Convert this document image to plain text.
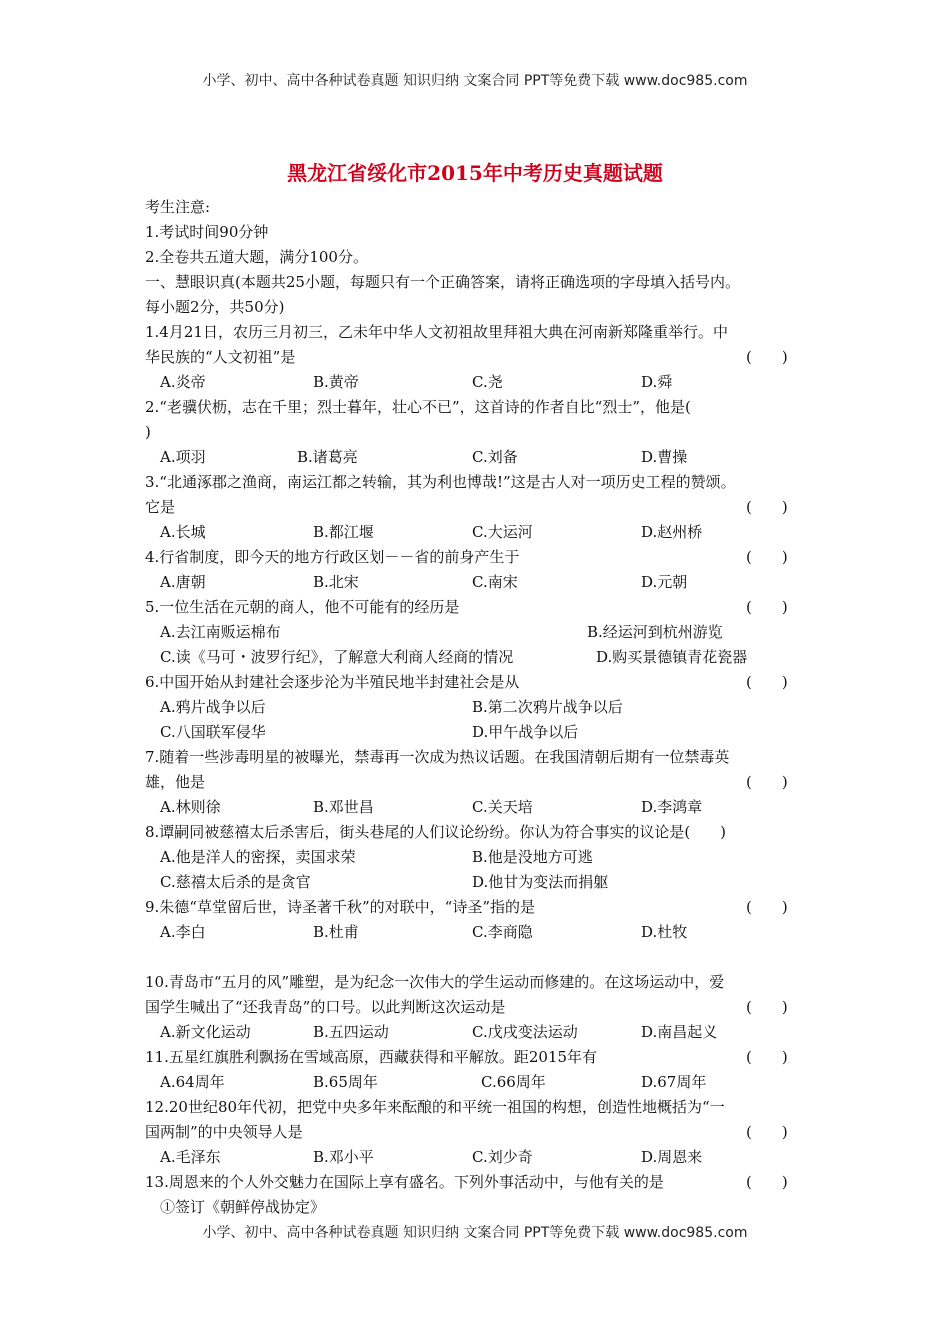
小学、初中、高中各种试卷真题 知识归纳 文案合同 PPT等免费下载 www.doc985.com
黑龙江省绥化市2015年中考历史真题试题
考生注意:
1.考试时间90分钟
2.全卷共五道大题，满分100分。
一、慧眼识真(本题共25小题，每题只有一个正确答案，请将正确选项的字母填入括号内。
每小题2分，共50分)
1.4月21日，农历三月初三，乙未年中华人文初祖故里拜祖大典在河南新郑隆重举行。中
华民族的“人文初祖”是	(　　)
A.炎帝	B.黄帝	C.尧	D.舜
2.“老骥伏枥，志在千里；烈士暮年，壮心不已”，这首诗的作者自比“烈士”，他是(
)
A.项羽	B.诸葛亮	C.刘备	D.曹操
3.“北通涿郡之渔商，南运江都之转输，其为利也博哉!”这是古人对一项历史工程的赞颂。
它是	(　　)
A.长城	B.都江堰	C.大运河	D.赵州桥
4.行省制度，即今天的地方行政区划－－省的前身产生于	(　　)
A.唐朝	B.北宋	C.南宋	D.元朝
5.一位生活在元朝的商人，他不可能有的经历是	(　　)
A.去江南贩运棉布	B.经运河到杭州游览
C.读《马可・波罗行纪》，了解意大利商人经商的情况	D.购买景德镇青花瓷器
6.中国开始从封建社会逐步沦为半殖民地半封建社会是从	(　　)
A.鸦片战争以后	B.第二次鸦片战争以后
C.八国联军侵华	D.甲午战争以后
7.随着一些涉毒明星的被曝光，禁毒再一次成为热议话题。在我国清朝后期有一位禁毒英
雄，他是	(　　)
A.林则徐	B.邓世昌	C.关天培	D.李鸿章
8.谭嗣同被慈禧太后杀害后，街头巷尾的人们议论纷纷。你认为符合事实的议论是(　　)
A.他是洋人的密探，卖国求荣	B.他是没地方可逃
C.慈禧太后杀的是贪官	D.他甘为变法而捐躯
9.朱德“草堂留后世，诗圣著千秋”的对联中，“诗圣”指的是	(　　)
A.李白	B.杜甫	C.李商隐	D.杜牧
10.青岛市“五月的风”雕塑，是为纪念一次伟大的学生运动而修建的。在这场运动中，爱
国学生喊出了“还我青岛”的口号。以此判断这次运动是	(　　)
A.新文化运动	B.五四运动	C.戊戌变法运动	D.南昌起义
11.五星红旗胜利飘扬在雪域高原，西藏获得和平解放。距2015年有	(　　)
A.64周年	B.65周年	C.66周年	D.67周年
12.20世纪80年代初，把党中央多年来酝酿的和平统一祖国的构想，创造性地概括为“一
国两制”的中央领导人是	(　　)
A.毛泽东	B.邓小平	C.刘少奇	D.周恩来
13.周恩来的个人外交魅力在国际上享有盛名。下列外事活动中，与他有关的是	(　　)
①签订《朝鲜停战协定》
小学、初中、高中各种试卷真题 知识归纳 文案合同 PPT等免费下载 www.doc985.com
